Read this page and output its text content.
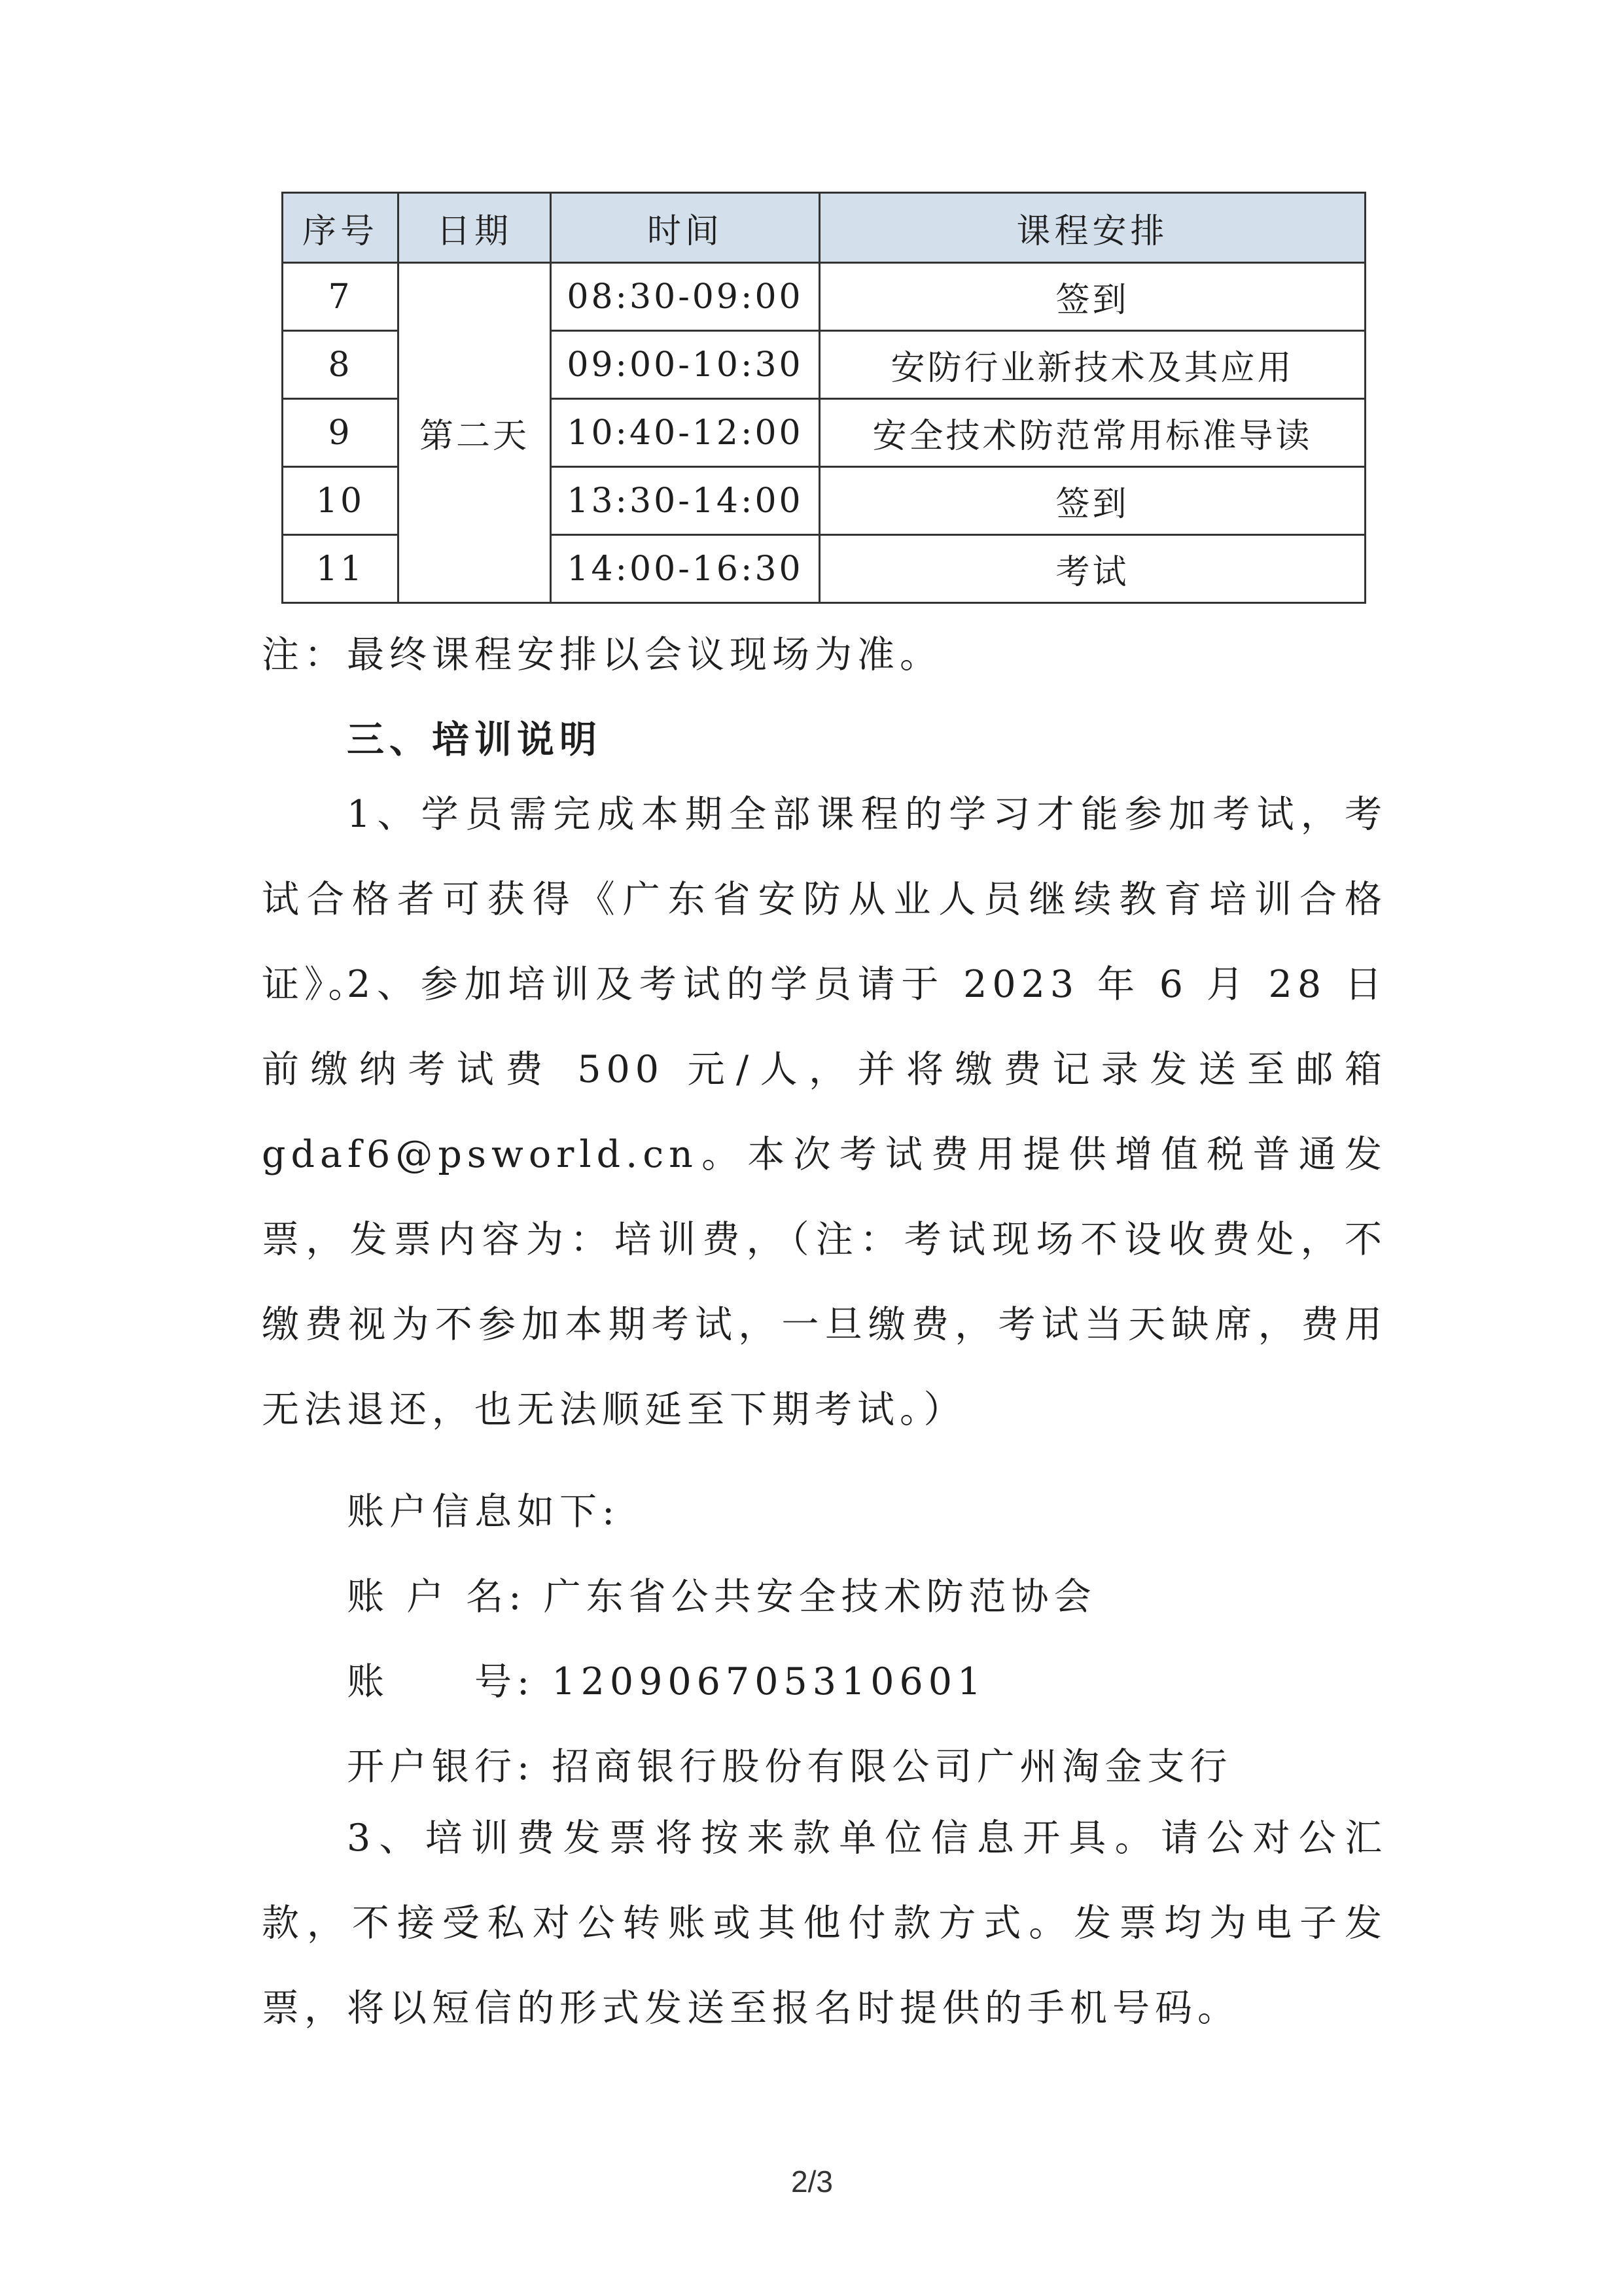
序号	日期	时间	课程安排
7	第二天	08:30-09:00	签到
8		09:00-10:30	安防行业新技术及其应用
9		10:40-12:00	安全技术防范常用标准导读
10		13:30-14:00	签到
11		14:00-16:30	考试

注：最终课程安排以会议现场为准。

三、培训说明

1、学员需完成本期全部课程的学习才能参加考试，考试合格者可获得《广东省安防从业人员继续教育培训合格证》。

2、参加培训及考试的学员请于 2023 年 6 月 28 日前缴纳考试费 500 元/人，并将缴费记录发送至邮箱gdaf6@psworld.cn。本次考试费用提供增值税普通发票，发票内容为：培训费，（注：考试现场不设收费处，不缴费视为不参加本期考试，一旦缴费，考试当天缺席，费用无法退还，也无法顺延至下期考试。）

账户信息如下:

账 户 名: 广东省公共安全技术防范协会
账　　号: 120906705310601
开户银行: 招商银行股份有限公司广州淘金支行

3、培训费发票将按来款单位信息开具。请公对公汇款，不接受私对公转账或其他付款方式。发票均为电子发票，将以短信的形式发送至报名时提供的手机号码。

2/3
